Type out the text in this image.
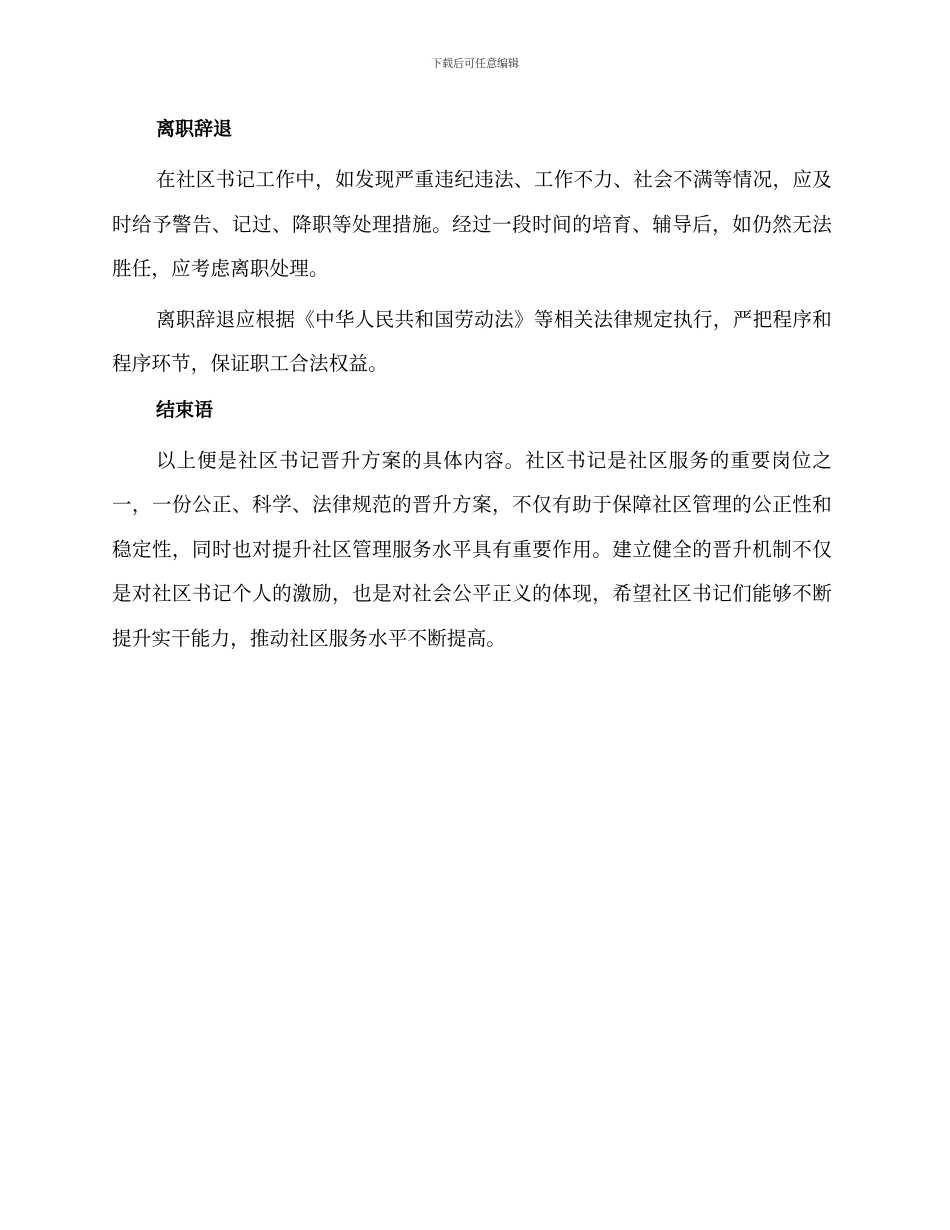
下载后可任意编辑
离职辞退

在社区书记工作中，如发现严重违纪违法、工作不力、社会不满等情况，应及时给予警告、记过、降职等处理措施。经过一段时间的培育、辅导后，如仍然无法胜任，应考虑离职处理。

离职辞退应根据《中华人民共和国劳动法》等相关法律规定执行，严把程序和程序环节，保证职工合法权益。

结束语

以上便是社区书记晋升方案的具体内容。社区书记是社区服务的重要岗位之一，一份公正、科学、法律规范的晋升方案，不仅有助于保障社区管理的公正性和稳定性，同时也对提升社区管理服务水平具有重要作用。建立健全的晋升机制不仅是对社区书记个人的激励，也是对社会公平正义的体现，希望社区书记们能够不断提升实干能力，推动社区服务水平不断提高。
